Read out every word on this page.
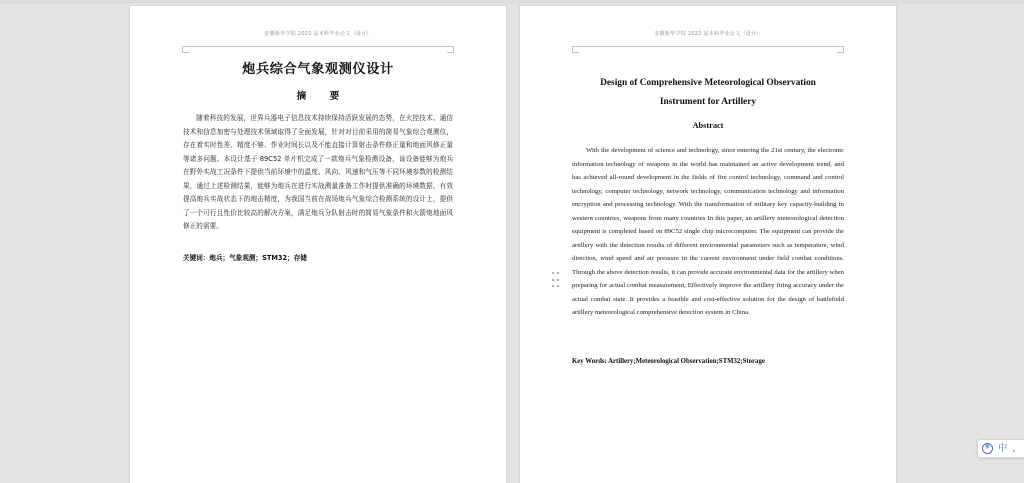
安徽新华学院 2022 届本科毕业论文（设计）
炮兵综合气象观测仪设计
摘　要

随着科技的发展，世界兵器电子信息技术持续保持活跃发展的态势，在火控技术、通信技术和信息加密与处理技术领域取得了全面发展，针对对目前采用的简易气象综合观测仪，存在着实时性差、精度不够、作业时间长以及不能直接计算射击条件修正量和地面风修正量等诸多问题。本设计基于 89C52 单片机完成了一款炮兵气象检测设备，该设备能够为炮兵在野外实战工况条件下提供当前环境中的温度、风向、风速和气压等不同环境参数的检测结果，通过上述检测结果，能够为炮兵在进行实战测量准备工作时提供准确的环境数据，有效提高炮兵实战状态下的炮击精度，为我国当前在战场炮兵气象综合检测系统的设计上，提供了一个可行且性价比较高的解决方案，满足炮兵分队射击时的简易气象条件和火箭炮地面风修正的需要。

关键词：炮兵；气象观测；STM32；存储
安徽新华学院 2022 届本科毕业论文（设计）
Design of Comprehensive Meteorological Observation
Instrument for Artillery
Abstract

With the development of science and technology, since entering the 21st century, the electronic information technology of weapons in the world has maintained an active development trend, and has achieved all-round development in the fields of fire control technology, command and control technology, computer technology, network technology, communication technology and information encryption and processing technology. With the transformation of military key capacity-building in western countries, weapons from many countries In this paper, an artillery meteorological detection equipment is completed based on 89C52 single chip microcomputer. The equipment can provide the artillery with the detection results of different environmental parameters such as temperature, wind direction, wind speed and air pressure in the current environment under field combat conditions. Through the above detection results, it can provide accurate environmental data for the artillery when preparing for actual combat measurement, Effectively improve the artillery firing accuracy under the actual combat state. It provides a feasible and cost-effective solution for the design of battlefield artillery meteorological comprehensive detection system in China.

Key Words: Artillery;Meteorological Observation;STM32;Storage
拼 中 ，
